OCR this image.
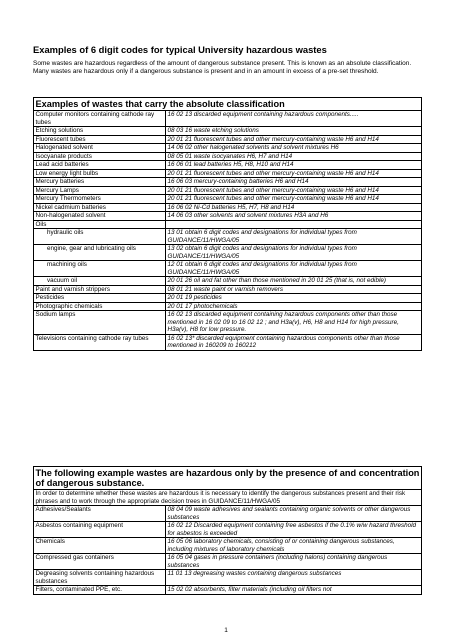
Examples of 6 digit codes for typical University hazardous wastes

Some wastes are hazardous regardless of the amount of dangerous substance present. This is known as an absolute classification. Many wastes are hazardous only if a dangerous substance is present and in an amount in excess of a pre-set threshold.

Examples of wastes that carry the absolute classification	
Computer monitors containing cathode ray tubes	16 02 13 discarded equipment containing hazardous components.....
Etching solutions	08 03 16 waste etching solutions
Fluorescent tubes	20 01 21 fluorescent tubes and other mercury-containing waste H6 and H14
Halogenated solvent	14 06 02 other halogenated solvents and solvent mixtures H6
Isocyanate products	08 05 01 waste isocyanates H6, H7 and H14
Lead acid batteries	16 06 01 lead batteries H5, H8, H10 and H14
Low energy light bulbs	20 01 21 fluorescent tubes and other mercury-containing waste H6 and H14
Mercury batteries	16 06 03 mercury-containing batteries H6 and H14
Mercury Lamps	20 01 21 fluorescent tubes and other mercury-containing waste H6 and H14
Mercury Thermometers	20 01 21 fluorescent tubes and other mercury-containing waste H6 and H14
Nickel cadmium batteries	16 06 02 Ni-Cd batteries H5, H7, H8 and H14
Non-halogenated solvent	14 06 03 other solvents and solvent mixtures H3A and H6
Oils	
hydraulic oils	13 01 obtain 6 digit codes and designations for individual types from GUIDANCE/11/HWGA/05
engine, gear and lubricating oils	13 02 obtain 6 digit codes and designations for individual types from GUIDANCE/11/HWGA/05
machining oils	12 01 obtain 6 digit codes and designations for individual types from GUIDANCE/11/HWGA/05
vacuum oil	20 01 26 oil and fat other than those mentioned in 20 01 25 (that is, not edible)
Paint and varnish strippers	08 01 21 waste paint or varnish removers
Pesticides	20 01 19 pesticides
Photographic chemicals	20 01 17 photochemicals
Sodium lamps	16 02 13 discarded equipment containing hazardous components other than those mentioned in 16 02 09 to 16 02 12 ; and H3a(v), H6, H8 and H14 for high pressure, H3a(v), H8 for low pressure.
Televisions containing cathode ray tubes	16 02 13* discarded equipment containing hazardous components other than those mentioned in 160209 to 160212
The following example wastes are hazardous only by the presence of and concentration of dangerous substance.	
In order to determine whether these wastes are hazardous it is necessary to identify the dangerous substances present and their risk phrases and to work through the appropriate decision trees in GUIDANCE/11/HWGA/05	
Adhesives/Sealants	08 04 09 waste adhesives and sealants containing organic solvents or other dangerous substances
Asbestos containing equipment	16 02 12 Discarded equipment containing free asbestos if the 0.1% w/w hazard threshold for asbestos is exceeded
Chemicals	16 05 06 laboratory chemicals, consisting of or containing dangerous substances, including mixtures of laboratory chemicals
Compressed gas containers	16 05 04 gases in pressure containers (including halons) containing dangerous substances
Degreasing solvents containing hazardous substances	11 01 13 degreasing wastes containing dangerous substances
Filters, contaminated PPE, etc.	15 02 02 absorbents, filter materials (including oil filters not
1
